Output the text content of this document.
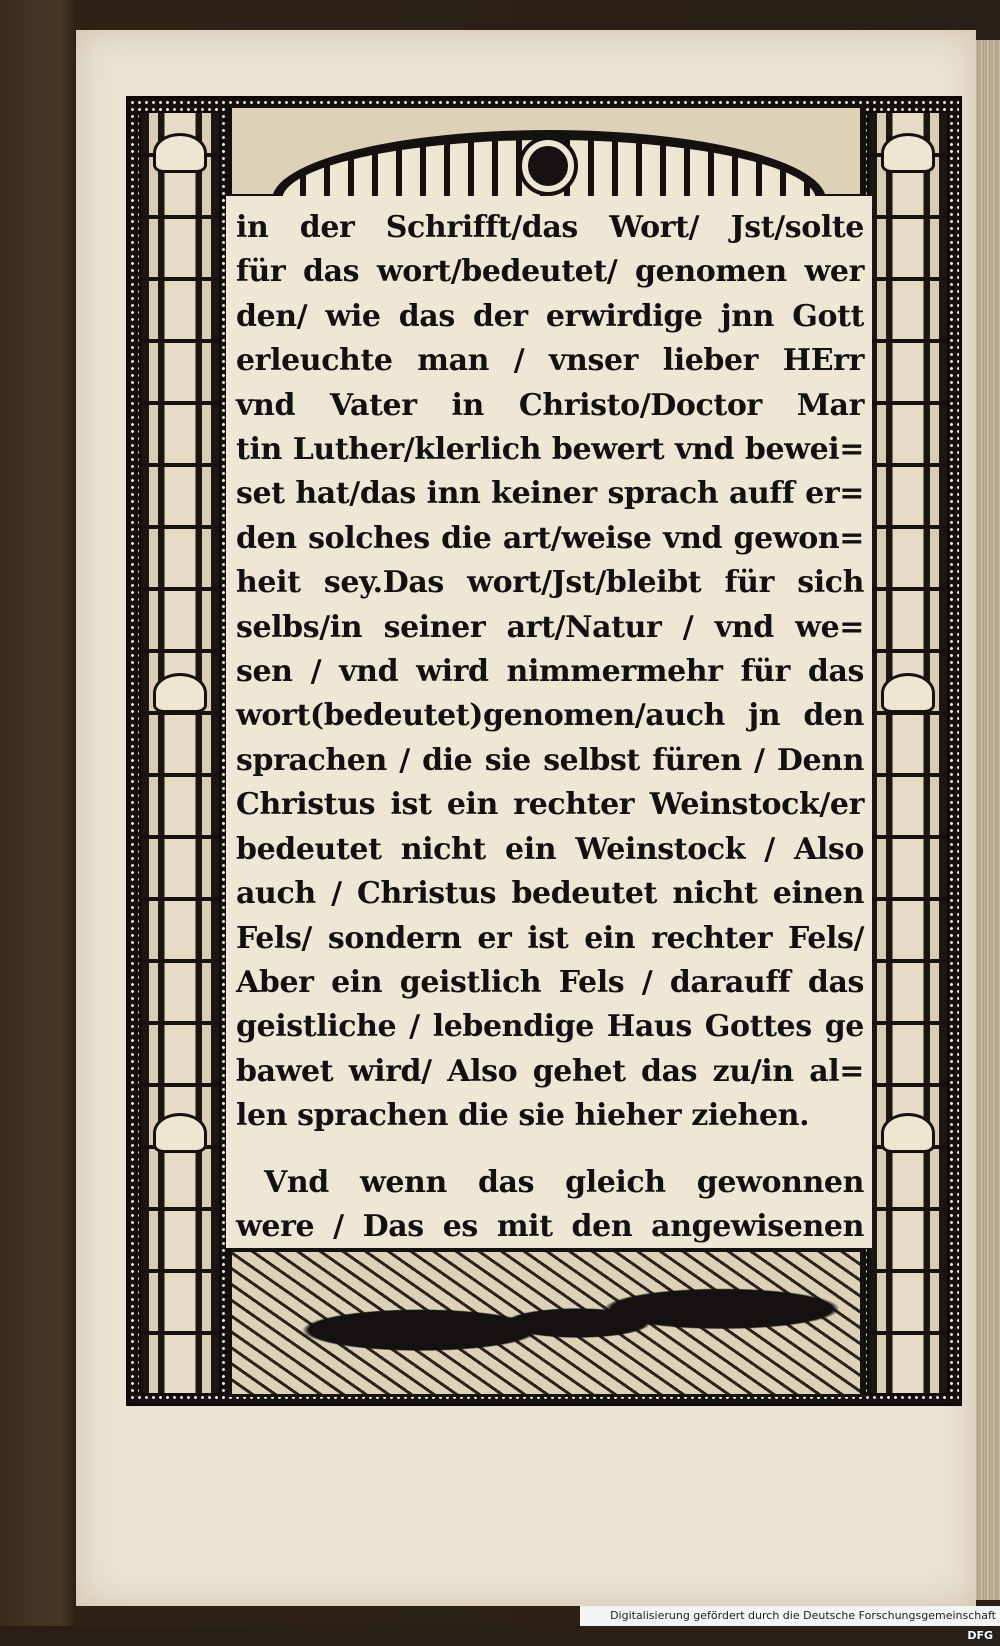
in der Schrifft/das Wort/ Jst/solte
für das wort/bedeutet/ genomen wer
den/ wie das der erwirdige jnn Gott
erleuchte man / vnser lieber HErr
vnd Vater in Christo/Doctor Mar
tin Luther/klerlich bewert vnd bewei=
set hat/das inn keiner sprach auff er=
den solches die art/weise vnd gewon=
heit sey.Das wort/Jst/bleibt für sich
selbs/in seiner art/Natur / vnd we=
sen / vnd wird nimmermehr für das
wort(bedeutet)genomen/auch jn den
sprachen / die sie selbst füren / Denn
Christus ist ein rechter Weinstock/er
bedeutet nicht ein Weinstock / Also
auch / Christus bedeutet nicht einen
Fels/ sondern er ist ein rechter Fels/
Aber ein geistlich Fels / darauff das
geistliche / lebendige Haus Gottes ge
bawet wird/ Also gehet das zu/in al=
len sprachen die sie hieher ziehen.
Vnd wenn das gleich gewonnen
were / Das es mit den angewisenen
Digitalisierung gefördert durch die Deutsche Forschungsgemeinschaft DFG
